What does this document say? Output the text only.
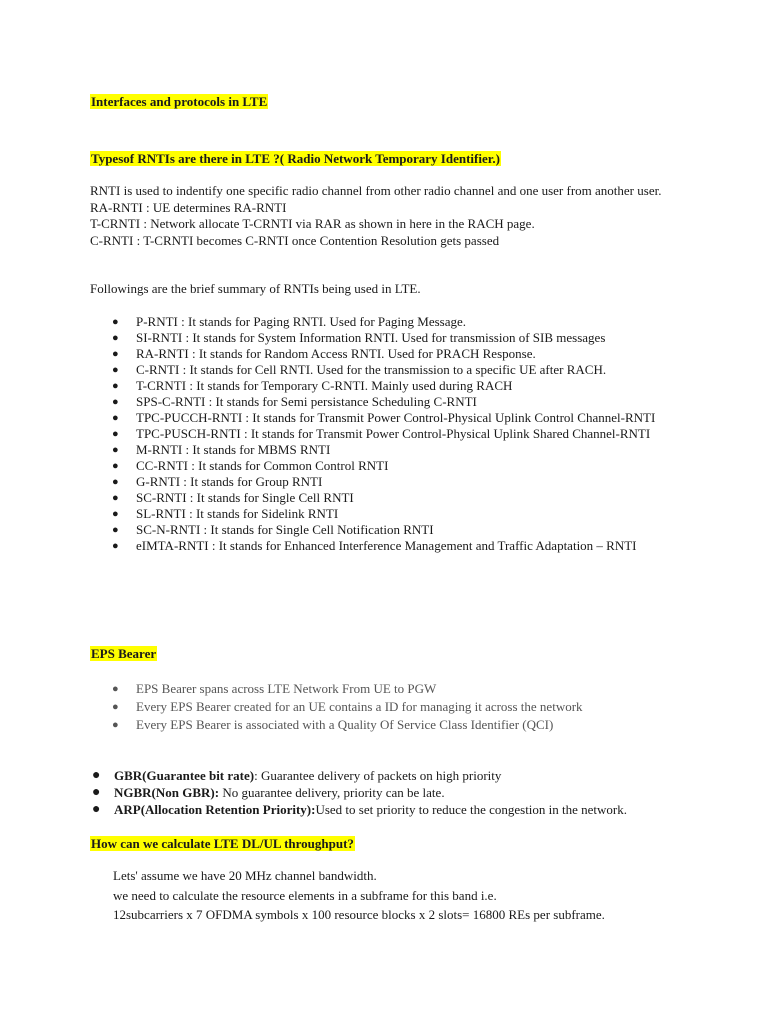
Interfaces and protocols in LTE
Typesof RNTIs are there in LTE ?( Radio Network Temporary Identifier.)

RNTI is used to indentify one specific radio channel from other radio channel and one user from another user.

RA-RNTI : UE determines RA-RNTI

T-CRNTI : Network allocate T-CRNTI via RAR as shown in here in the RACH page.

C-RNTI : T-CRNTI becomes C-RNTI once Contention Resolution gets passed

Followings are the brief summary of RNTIs being used in LTE.

● P-RNTI : It stands for Paging RNTI. Used for Paging Message.
● SI-RNTI : It stands for System Information RNTI. Used for transmission of SIB messages
● RA-RNTI : It stands for Random Access RNTI. Used for PRACH Response.
● C-RNTI : It stands for Cell RNTI. Used for the transmission to a specific UE after RACH.
● T-CRNTI : It stands for Temporary C-RNTI. Mainly used during RACH
● SPS-C-RNTI : It stands for Semi persistance Scheduling C-RNTI
● TPC-PUCCH-RNTI : It stands for Transmit Power Control-Physical Uplink Control Channel-RNTI
● TPC-PUSCH-RNTI : It stands for Transmit Power Control-Physical Uplink Shared Channel-RNTI
● M-RNTI : It stands for MBMS RNTI
● CC-RNTI : It stands for Common Control RNTI
● G-RNTI : It stands for Group RNTI
● SC-RNTI : It stands for Single Cell RNTI
● SL-RNTI : It stands for Sidelink RNTI
● SC-N-RNTI : It stands for Single Cell Notification RNTI
● eIMTA-RNTI : It stands for Enhanced Interference Management and Traffic Adaptation – RNTI
EPS Bearer
● EPS Bearer spans across LTE Network From UE to PGW
● Every EPS Bearer created for an UE contains a ID for managing it across the network
● Every EPS Bearer is associated with a Quality Of Service Class Identifier (QCI)
● GBR(Guarantee bit rate): Guarantee delivery of packets on high priority
● NGBR(Non GBR): No guarantee delivery, priority can be late.
● ARP(Allocation Retention Priority):Used to set priority to reduce the congestion in the network.
How can we calculate LTE DL/UL throughput?

Lets' assume we have 20 MHz channel bandwidth.

we need to calculate the resource elements in a subframe for this band i.e.

12subcarriers x 7 OFDMA symbols x 100 resource blocks x 2 slots= 16800 REs per subframe.
